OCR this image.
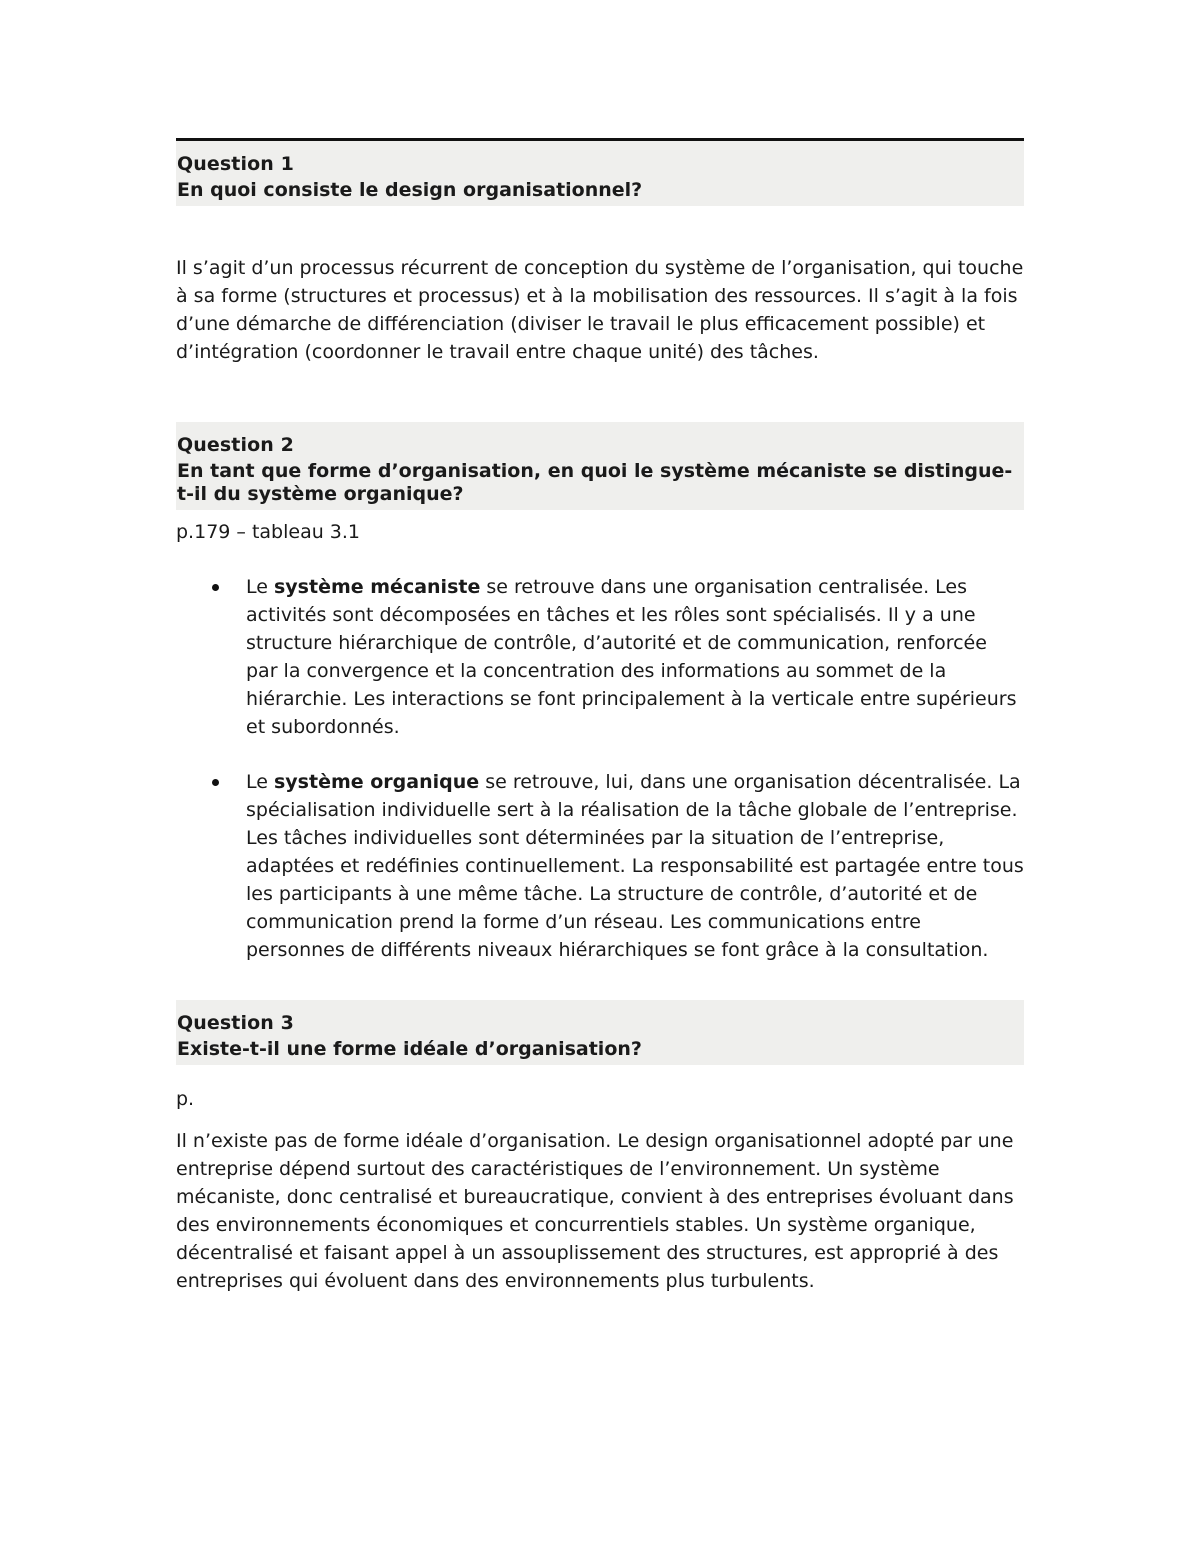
Question 1
En quoi consiste le design organisationnel?

Il s’agit d’un processus récurrent de conception du système de l’organisation, qui touche à sa forme (structures et processus) et à la mobilisation des ressources. Il s’agit à la fois d’une démarche de différenciation (diviser le travail le plus efficacement possible) et d’intégration (coordonner le travail entre chaque unité) des tâches.

Question 2
En tant que forme d’organisation, en quoi le système mécaniste se distingue-t-il du système organique?

p.179 – tableau 3.1

Le système mécaniste se retrouve dans une organisation centralisée. Les activités sont décomposées en tâches et les rôles sont spécialisés. Il y a une structure hiérarchique de contrôle, d’autorité et de communication, renforcée par la convergence et la concentration des informations au sommet de la hiérarchie. Les interactions se font principalement à la verticale entre supérieurs et subordonnés.
Le système organique se retrouve, lui, dans une organisation décentralisée. La spécialisation individuelle sert à la réalisation de la tâche globale de l’entreprise. Les tâches individuelles sont déterminées par la situation de l’entreprise, adaptées et redéfinies continuellement. La responsabilité est partagée entre tous les participants à une même tâche. La structure de contrôle, d’autorité et de communication prend la forme d’un réseau. Les communications entre personnes de différents niveaux hiérarchiques se font grâce à la consultation.
Question 3
Existe-t-il une forme idéale d’organisation?

p.

Il n’existe pas de forme idéale d’organisation. Le design organisationnel adopté par une entreprise dépend surtout des caractéristiques de l’environnement. Un système mécaniste, donc centralisé et bureaucratique, convient à des entreprises évoluant dans des environnements économiques et concurrentiels stables. Un système organique, décentralisé et faisant appel à un assouplissement des structures, est approprié à des entreprises qui évoluent dans des environnements plus turbulents.
